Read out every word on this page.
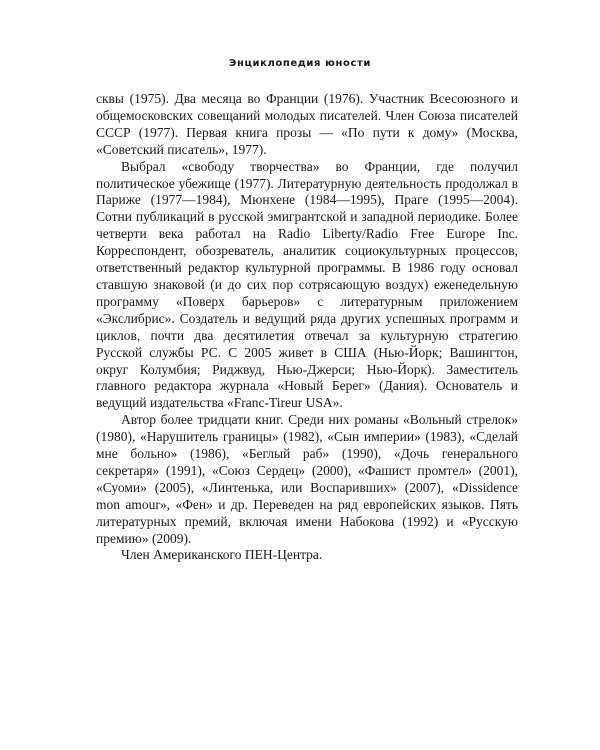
Энциклопедия юности

сквы (1975). Два месяца во Франции (1976). Участник Всесоюзного и общемосковских совещаний молодых писателей. Член Союза писателей СССР (1977). Первая книга прозы — «По пути к дому» (Москва, «Советский писатель», 1977).

Выбрал «свободу творчества» во Франции, где получил политическое убежище (1977). Литературную деятельность продолжал в Париже (1977—1984), Мюнхене (1984—1995), Праге (1995—2004). Сотни публикаций в русской эмигрантской и западной периодике. Более четверти века работал на Radio Liberty/Radio Free Europe Inc. Корреспондент, обозреватель, аналитик социокультурных процессов, ответственный редактор культурной программы. В 1986 году основал ставшую знаковой (и до сих пор сотрясающую воздух) еженедельную программу «Поверх барьеров» с литературным приложением «Экслибрис». Создатель и ведущий ряда других успешных программ и циклов, почти два десятилетия отвечал за культурную стратегию Русской службы РС. С 2005 живет в США (Нью-Йорк; Вашингтон, округ Колумбия; Риджвуд, Нью-Джерси; Нью-Йорк). Заместитель главного редактора журнала «Новый Берег» (Дания). Основатель и ведущий издательства «Franc-Tireur USA».

Автор более тридцати книг. Среди них романы «Вольный стрелок» (1980), «Нарушитель границы» (1982), «Сын империи» (1983), «Сделай мне больно» (1986), «Беглый раб» (1990), «Дочь генерального секретаря» (1991), «Союз Сердец» (2000), «Фашист промтел» (2001), «Суоми» (2005), «Линтенька, или Воспаривших» (2007), «Dissidence mon amour», «Фен» и др. Переведен на ряд европейских языков. Пять литературных премий, включая имени Набокова (1992) и «Русскую премию» (2009).

Член Американского ПЕН-Центра.
